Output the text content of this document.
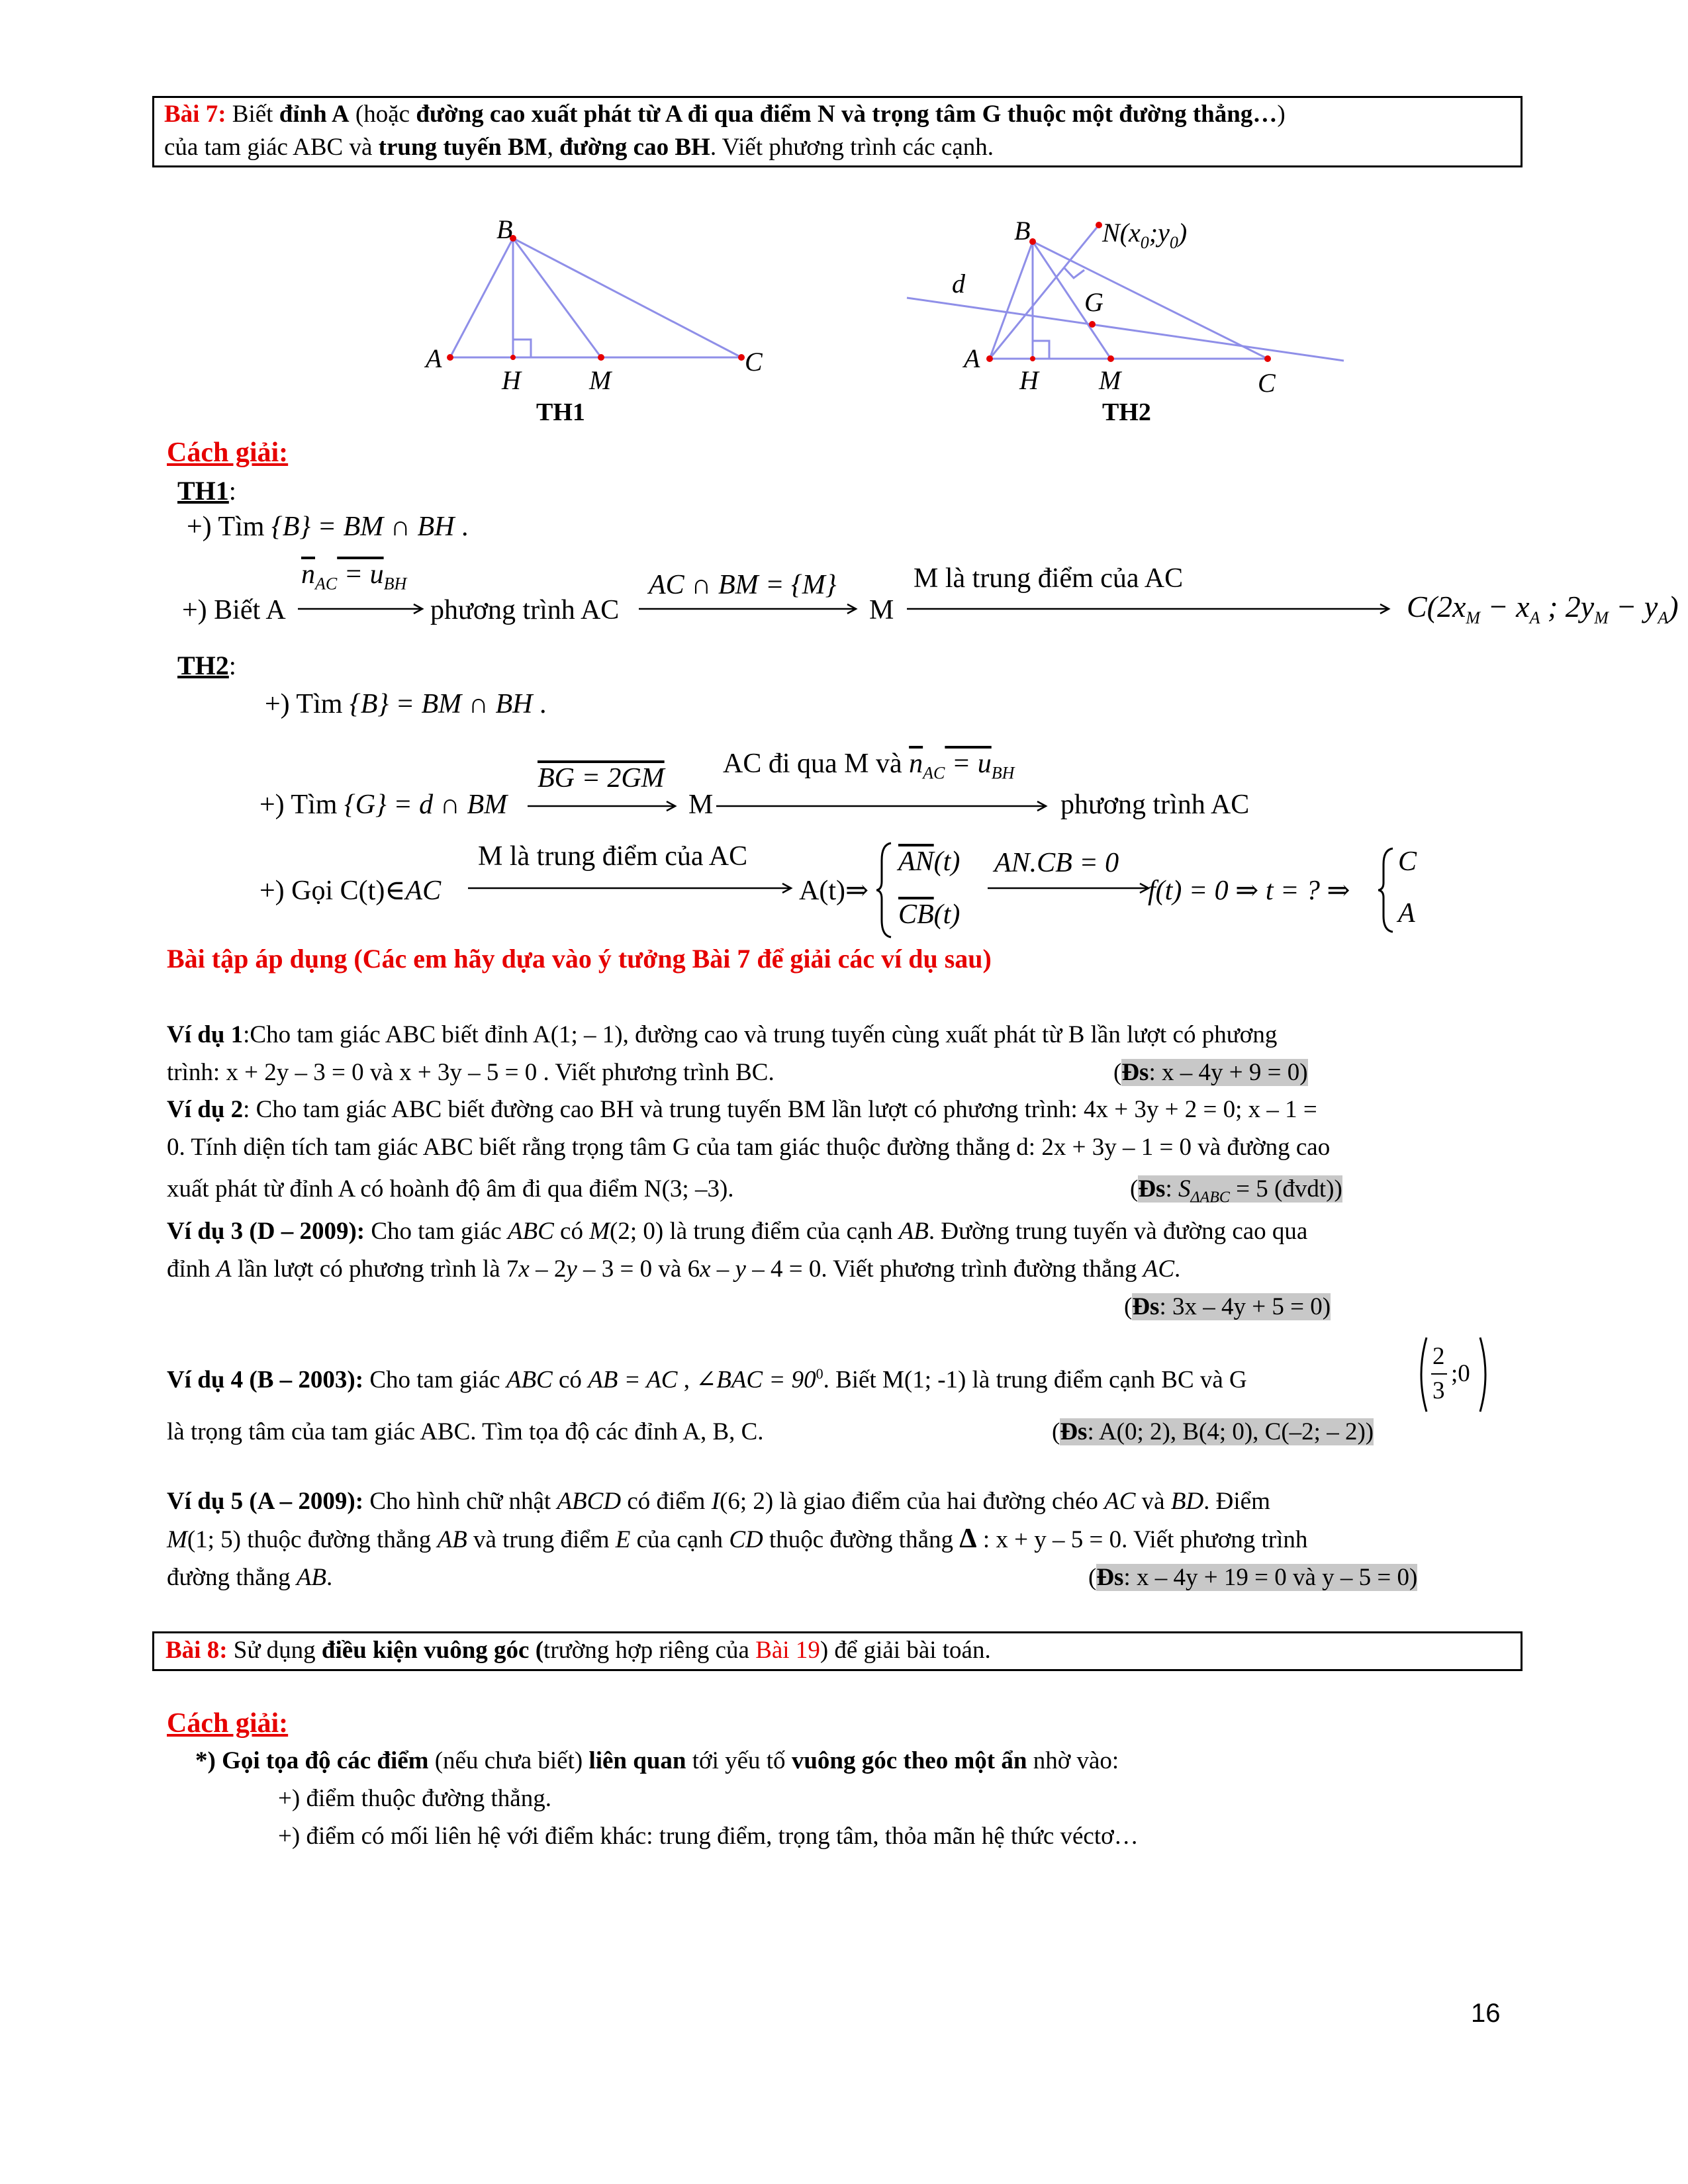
Bài 7: Biết đỉnh A (hoặc đường cao xuất phát từ A đi qua điểm N và trọng tâm G thuộc một đường thẳng…)
của tam giác ABC và trung tuyến BM, đường cao BH. Viết phương trình các cạnh.
B
A
H	M
C
TH1
B	$N(x_0;y_0)$
d
G
A
H M	C
TH2
Cách giải:
TH1:
+) Tìm {B} = BM ∩ BH .
+) Biết A
$\overline{n}_{AC} = u_{BH}$
phương trình AC
AC ∩ BM = {M}
M
M là trung điểm của AC
$C(2x_M - x_A$ ; $2y_M - y_A$)
TH2:
+) Tìm {B} = BM ∩ BH .
+) Tìm {G} = d ∩ BM
BG = 2GM
M
AC đi qua M và $\overline{n}_{AC} = u_{BH}$
phương trình AC
+) Gọi C(t)∈AC
M là trung điểm của AC
A(t)⇒
$\overline{AN}(t)$
$\overline{CB}(t)$
AN.CB = 0
f(t) = 0 ⇒ t = ? ⇒
C
A
Bài tập áp dụng (Các em hãy dựa vào ý tưởng Bài 7 để giải các ví dụ sau)
Ví dụ 1:Cho tam giác ABC biết đỉnh A(1; – 1), đường cao và trung tuyến cùng xuất phát từ B lần lượt có phương
trình: x + 2y – 3 = 0 và x + 3y – 5 = 0 . Viết phương trình BC.	(Đs: x – 4y + 9 = 0)
Ví dụ 2: Cho tam giác ABC biết đường cao BH và trung tuyến BM lần lượt có phương trình: 4x + 3y + 2 = 0; x – 1 =
0. Tính diện tích tam giác ABC biết rằng trọng tâm G của tam giác thuộc đường thẳng d: 2x + 3y – 1 = 0 và đường cao
xuất phát từ đỉnh A có hoành độ âm đi qua điểm N(3; –3).	(Đs: $S_{\Delta ABC} = 5$ (đvdt))
Ví dụ 3 (D – 2009): Cho tam giác ABC có M(2; 0) là trung điểm của cạnh AB. Đường trung tuyến và đường cao qua
đỉnh A lần lượt có phương trình là 7x – 2y – 3 = 0 và 6x – y – 4 = 0. Viết phương trình đường thẳng AC.
(Đs: 3x – 4y + 5 = 0)
Ví dụ 4 (B – 2003): Cho tam giác ABC có AB = AC , ∠BAC = $90^0$. Biết M(1; -1) là trung điểm cạnh BC và G
2
3
;0
là trọng tâm của tam giác ABC. Tìm tọa độ các đỉnh A, B, C.	(Đs: A(0; 2), B(4; 0), C(–2; – 2))
Ví dụ 5 (A – 2009): Cho hình chữ nhật ABCD có điểm I(6; 2) là giao điểm của hai đường chéo AC và BD. Điểm
M(1; 5) thuộc đường thẳng AB và trung điểm E của cạnh CD thuộc đường thẳng Δ : x + y – 5 = 0. Viết phương trình
đường thẳng AB.	(Đs: x – 4y + 19 = 0 và y – 5 = 0)
Bài 8: Sử dụng điều kiện vuông góc (trường hợp riêng của Bài 19) để giải bài toán.
Cách giải:
*) Gọi tọa độ các điểm (nếu chưa biết) liên quan tới yếu tố vuông góc theo một ẩn nhờ vào:
+) điểm thuộc đường thẳng.
+) điểm có mối liên hệ với điểm khác: trung điểm, trọng tâm, thỏa mãn hệ thức véctơ…
16
